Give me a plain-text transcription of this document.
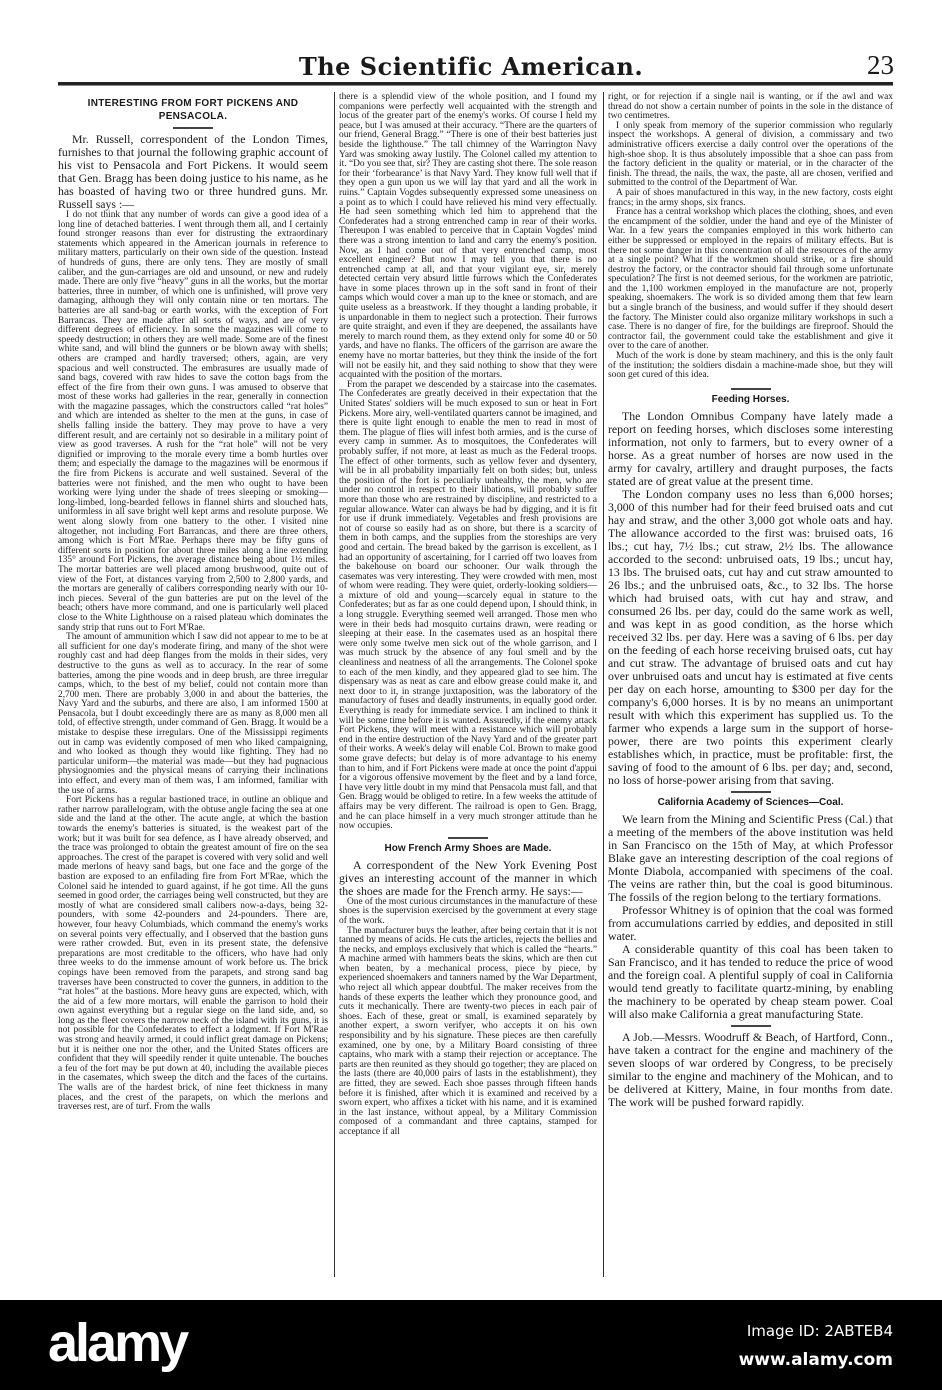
The Scientific American.	23
INTERESTING FROM FORT PICKENS AND PENSACOLA.

Mr. Russell, correspondent of the London Times, furnishes to that journal the following graphic account of his vist to Pensacola and Fort Pickens. It would seem that Gen. Bragg has been doing justice to his name, as he has boasted of having two or three hundred guns. Mr. Russell says :—

I do not think that any number of words can give a good idea of a long line of detached batteries. I went through them all, and I certainly found stronger reasons than ever for distrusting the extraordinary statements which appeared in the American journals in reference to military matters, particularly on their own side of the question. Instead of hundreds of guns, there are only tens. They are mostly of small caliber, and the gun-carriages are old and unsound, or new and rudely made. There are only five “heavy” guns in all the works, but the mortar batteries, three in number, of which one is unfinished, will prove very damaging, although they will only contain nine or ten mortars. The batteries are all sand-bag or earth works, with the exception of Fort Barrancas. They are made after all sorts of ways, and are of very different degrees of efficiency. In some the magazines will come to speedy destruction; in others they are well made. Some are of the finest white sand, and will blind the gunners or be blown away with shells; others are cramped and hardly traversed; others, again, are very spacious and well constructed. The embrasures are usually made of sand bags, covered with raw hides to save the cotton bags from the effect of the fire from their own guns. I was amused to observe that most of these works had galleries in the rear, generally in connection with the magazine passages, which the constructors called “rat holes” and which are intended as shelter to the men at the guns, in case of shells falling inside the battery. They may prove to have a very different result, and are certainly not so desirable in a military point of view as good traverses. A rush for the “rat hole” will not be very dignified or improving to the morale every time a bomb hurtles over them; and especially the damage to the magazines will be enormous if the fire from Pickens is accurate and well sustained. Several of the batteries were not finished, and the men who ought to have been working were lying under the shade of trees sleeping or smoking—long-limbed, long-bearded fellows in flannel shirts and slouched hats, uniformless in all save bright well kept arms and resolute purpose. We went along slowly from one battery to the other. I visited nine altogether, not including Fort Barrancas, and there are three others, among which is Fort M'Rae. Perhaps there may be fifty guns of different sorts in position for about three miles along a line extending 135° around Fort Pickens, the average distance being about 1½ miles. The mortar batteries are well placed among brushwood, quite out of view of the Fort, at distances varying from 2,500 to 2,800 yards, and the mortars are generally of calibers corresponding nearly with our 10-inch pieces. Several of the gun batteries are put on the level of the beach; others have more command, and one is particularly well placed close to the White Lighthouse on a raised plateau which dominates the sandy strip that runs out to Fort M'Rae.

The amount of ammunition which I saw did not appear to me to be at all sufficient for one day's moderate firing, and many of the shot were roughly cast and had deep flanges from the molds in their sides, very destructive to the guns as well as to accuracy. In the rear of some batteries, among the pine woods and in deep brush, are three irregular camps, which, to the best of my belief, could not contain more than 2,700 men. There are probably 3,000 in and about the batteries, the Navy Yard and the suburbs, and there are also, I am informed 1500 at Pensacola, but I doubt exceedingly there are as many as 8,000 men all told, of effective strength, under command of Gen. Bragg. It would be a mistake to despise these irregulars. One of the Mississippi regiments out in camp was evidently composed of men who liked campaigning, and who looked as though they would like fighting. They had no particular uniform—the material was made—but they had pugnacious physiognomies and the physical means of carrying their inclinations into effect, and every man of them was, I am informed, familiar with the use of arms.

Fort Pickens has a regular bastioned trace, in outline an oblique and rather narrow parallelogram, with the obtuse angle facing the sea at one side and the land at the other. The acute angle, at which the bastion towards the enemy's batteries is situated, is the weakest part of the work; but it was built for sea defence, as I have already observed, and the trace was prolonged to obtain the greatest amount of fire on the sea approaches. The crest of the parapet is covered with very solid and well made merlons of heavy sand bags, but one face and the gorge of the bastion are exposed to an enfilading fire from Fort M'Rae, which the Colonel said he intended to guard against, if he got time. All the guns seemed in good order, the carriages being well constructed, but they are mostly of what are considered small calibers now-a-days, being 32-pounders, with some 42-pounders and 24-pounders. There are, however, four heavy Columbiads, which command the enemy's works on several points very effectually, and I observed that the bastion guns were rather crowded. But, even in its present state, the defensive preparations are most creditable to the officers, who have had only three weeks to do the immense amount of work before us. The brick copings have been removed from the parapets, and strong sand bag traverses have been constructed to cover the gunners, in addition to the “rat holes” at the bastions. More heavy guns are expected, which, with the aid of a few more mortars, will enable the garrison to hold their own against everything but a regular siege on the land side, and, so long as the fleet covers the narrow neck of the island with its guns, it is not possible for the Confederates to effect a lodgment. If Fort M'Rae was strong and heavily armed, it could inflict great damage on Pickens; but it is neither one nor the other, and the United States officers are confident that they will speedily render it quite untenable. The bouches a feu of the fort may be put down at 40, including the available pieces in the casemates, which sweep the ditch and the faces of the curtains. The walls are of the hardest brick, of nine feet thickness in many places, and the crest of the parapets, on which the merlons and traverses rest, are of turf. From the walls

there is a splendid view of the whole position, and I found my companions were perfectly well acquainted with the strength and locus of the greater part of the enemy's works. Of course I held my peace, but I was amused at their accuracy. “There are the quarters of our friend, General Bragg.” “There is one of their best batteries just beside the lighthouse.” The tall chimney of the Warrington Navy Yard was smoking away lustily. The Colonel called my attention to it. “Do you see that, sir? They are casting shot there. The sole reason for their ‘forbearance’ is that Navy Yard. They know full well that if they open a gun upon us we will lay that yard and all the work in ruins.” Captain Vogdes subsequently expressed some uneasiness on a point as to which I could have relieved his mind very effectually. He had seen something which led him to apprehend that the Confederates had a strong entrenched camp in rear of their works. Thereupon I was enabled to perceive that in Captain Vogdes' mind there was a strong intention to land and carry the enemy's position. Now, as I had come out of that very entrenched camp, most excellent engineer? But now I may tell you that there is no entrenched camp at all, and that your vigilant eye, sir, merely detected certain very absurd little furrows which the Confederates have in some places thrown up in the soft sand in front of their camps which would cover a man up to the knee or stomach, and are quite useless as a breastwork. If they thought a landing probable, it is unpardonable in them to neglect such a protection. Their furrows are quite straight, and even if they are deepened, the assailants have merely to march round them, as they extend only for some 40 or 50 yards, and have no flanks. The officers of the garrison are aware the enemy have no mortar batteries, but they think the inside of the fort will not be easily hit, and they said nothing to show that they were acquainted with the position of the mortars.

From the parapet we descended by a staircase into the casemates. The Confederates are greatly deceived in their expectation that the United States' soldiers will be much exposed to sun or heat in Fort Pickens. More airy, well-ventilated quarters cannot be imagined, and there is quite light enough to enable the men to read in most of them. The plague of flies will infest both armies, and is the curse of every camp in summer. As to mosquitoes, the Confederates will probably suffer, if not more, at least as much as the Federal troops. The effect of other torments, such as yellow fever and dysentery, will be in all probability impartially felt on both sides; but, unless the position of the fort is peculiarly unhealthy, the men, who are under no control in respect to their libations, will probably suffer more than those who are restrained by discipline, and restricted to a regular allowance. Water can always be had by digging, and it is fit for use if drunk immediately. Vegetables and fresh provisions are not of course so easily had as on shore, but there is a scarcity of them in both camps, and the supplies from the storeships are very good and certain. The bread baked by the garrison is excellent, as I had an opportunity of ascertaining, for I carried off two loaves from the bakehouse on board our schooner. Our walk through the casemates was very interesting. They were crowded with men, most of whom were reading. They were quiet, orderly-looking soldiers—a mixture of old and young—scarcely equal in stature to the Confederates; but as far as one could depend upon, I should think, in a long struggle. Everything seemed well arranged. Those men who were in their beds had mosquito curtains drawn, were reading or sleeping at their ease. In the casemates used as an hospital there were only some twelve men sick out of the whole garrison, and I was much struck by the absence of any foul smell and by the cleanliness and neatness of all the arrangements. The Colonel spoke to each of the men kindly, and they appeared glad to see him. The dispensary was as neat as care and elbow grease could make it, and next door to it, in strange juxtaposition, was the laboratory of the manufactory of fuses and deadly instruments, in equally good order. Everything is ready for immediate service. I am inclined to think it will be some time before it is wanted. Assuredly, if the enemy attack Fort Pickens, they will meet with a resistance which will probably end in the entire destruction of the Navy Yard and of the greater part of their works. A week's delay will enable Col. Brown to make good some grave defects; but delay is of more advantage to his enemy than to him, and if Fort Pickens were made at once the point d'appui for a vigorous offensive movement by the fleet and by a land force, I have very little doubt in my mind that Pensacola must fall, and that Gen. Bragg would be obliged to retire. In a few weeks the attitude of affairs may be very different. The railroad is open to Gen. Bragg, and he can place himself in a very much stronger attitude than he now occupies.

How French Army Shoes are Made.

A correspondent of the New York Evening Post gives an interesting account of the manner in which the shoes are made for the French army. He says:—

One of the most curious circumstances in the manufacture of these shoes is the supervision exercised by the government at every stage of the work.

The manufacturer buys the leather, after being certain that it is not tanned by means of acids. He cuts the articles, rejects the bellies and the necks, and employs exclusively that which is called the “hearts.” A machine armed with hammers beats the skins, which are then cut when beaten, by a mechanical process, piece by piece, by experienced shoemakers and tanners named by the War Department, who reject all which appear doubtful. The maker receives from the hands of these experts the leather which they pronounce good, and cuts it mechanically. There are twenty-two pieces in each pair of shoes. Each of these, great or small, is examined separately by another expert, a sworn verifyer, who accepts it on his own responsibility and by his signature. These pieces are then carefully examined, one by one, by a Military Board consisting of three captains, who mark with a stamp their rejection or acceptance. The parts are then reunited as they should go together; they are placed on the lasts (there are 40,000 pairs of lasts in the establishment), they are fitted, they are sewed. Each shoe passes through fifteen hands before it is finished, after which it is examined and received by a sworn expert, who affixes a ticket with his name, and it is examined in the last instance, without appeal, by a Military Commission composed of a commandant and three captains, stamped for acceptance if all

right, or for rejection if a single nail is wanting, or if the awl and wax thread do not show a certain number of points in the sole in the distance of two centimetres.

I only speak from memory of the superior commission who regularly inspect the workshops. A general of division, a commissary and two administrative officers exercise a daily control over the operations of the high-shoe shop. It is thus absolutely impossible that a shoe can pass from the factory deficient in the quality or material, or in the character of the finish. The thread, the nails, the wax, the paste, all are chosen, verified and submitted to the control of the Department of War.

A pair of shoes manufactured in this way, in the new factory, costs eight francs; in the army shops, six francs.

France has a central workshop which places the clothing, shoes, and even the encampment of the soldier, under the hand and eye of the Minister of War. In a few years the companies employed in this work hitherto can either be suppressed or employed in the repairs of military effects. But is there not some danger in this concentration of all the resources of the army at a single point? What if the workmen should strike, or a fire should destroy the factory, or the contractor should fail through some unfortunate speculation? The first is not deemed serious, for the workmen are patriotic, and the 1,100 workmen employed in the manufacture are not, properly speaking, shoemakers. The work is so divided among them that few learn but a single branch of the business, and would suffer if they should desert the factory. The Minister could also organize military workshops in such a case. There is no danger of fire, for the buildings are fireproof. Should the contractor fail, the government could take the establishment and give it over to the care of another.

Much of the work is done by steam machinery, and this is the only fault of the institution; the soldiers disdain a machine-made shoe, but they will soon get cured of this idea.

Feeding Horses.

The London Omnibus Company have lately made a report on feeding horses, which discloses some interesting information, not only to farmers, but to every owner of a horse. As a great number of horses are now used in the army for cavalry, artillery and draught purposes, the facts stated are of great value at the present time.

The London company uses no less than 6,000 horses; 3,000 of this number had for their feed bruised oats and cut hay and straw, and the other 3,000 got whole oats and hay. The allowance accorded to the first was: bruised oats, 16 lbs.; cut hay, 7½ lbs.; cut straw, 2½ lbs. The allowance accorded to the second: unbruised oats, 19 lbs.; uncut hay, 13 lbs. The bruised oats, cut hay and cut straw amounted to 26 lbs.; and the unbruised oats, &c., to 32 lbs. The horse which had bruised oats, with cut hay and straw, and consumed 26 lbs. per day, could do the same work as well, and was kept in as good condition, as the horse which received 32 lbs. per day. Here was a saving of 6 lbs. per day on the feeding of each horse receiving bruised oats, cut hay and cut straw. The advantage of bruised oats and cut hay over unbruised oats and uncut hay is estimated at five cents per day on each horse, amounting to $300 per day for the company's 6,000 horses. It is by no means an unimportant result with which this experiment has supplied us. To the farmer who expends a large sum in the support of horse-power, there are two points this experiment clearly establishes which, in practice, must be profitable: first, the saving of food to the amount of 6 lbs. per day; and, second, no loss of horse-power arising from that saving.

California Academy of Sciences—Coal.

We learn from the Mining and Scientific Press (Cal.) that a meeting of the members of the above institution was held in San Francisco on the 15th of May, at which Professor Blake gave an interesting description of the coal regions of Monte Diabola, accompanied with specimens of the coal. The veins are rather thin, but the coal is good bituminous. The fossils of the region belong to the tertiary formations.

Professor Whitney is of opinion that the coal was formed from accumulations carried by eddies, and deposited in still water.

A considerable quantity of this coal has been taken to San Francisco, and it has tended to reduce the price of wood and the foreign coal. A plentiful supply of coal in California would tend greatly to facilitate quartz-mining, by enabling the machinery to be operated by cheap steam power. Coal will also make California a great manufacturing State.

A Job.—Messrs. Woodruff & Beach, of Hartford, Conn., have taken a contract for the engine and machinery of the seven sloops of war ordered by Congress, to be precisely similar to the engine and machinery of the Mohican, and to be delivered at Kittery, Maine, in four months from date. The work will be pushed forward rapidly.

alamy	Image ID: 2ABTEB4
www.alamy.com
